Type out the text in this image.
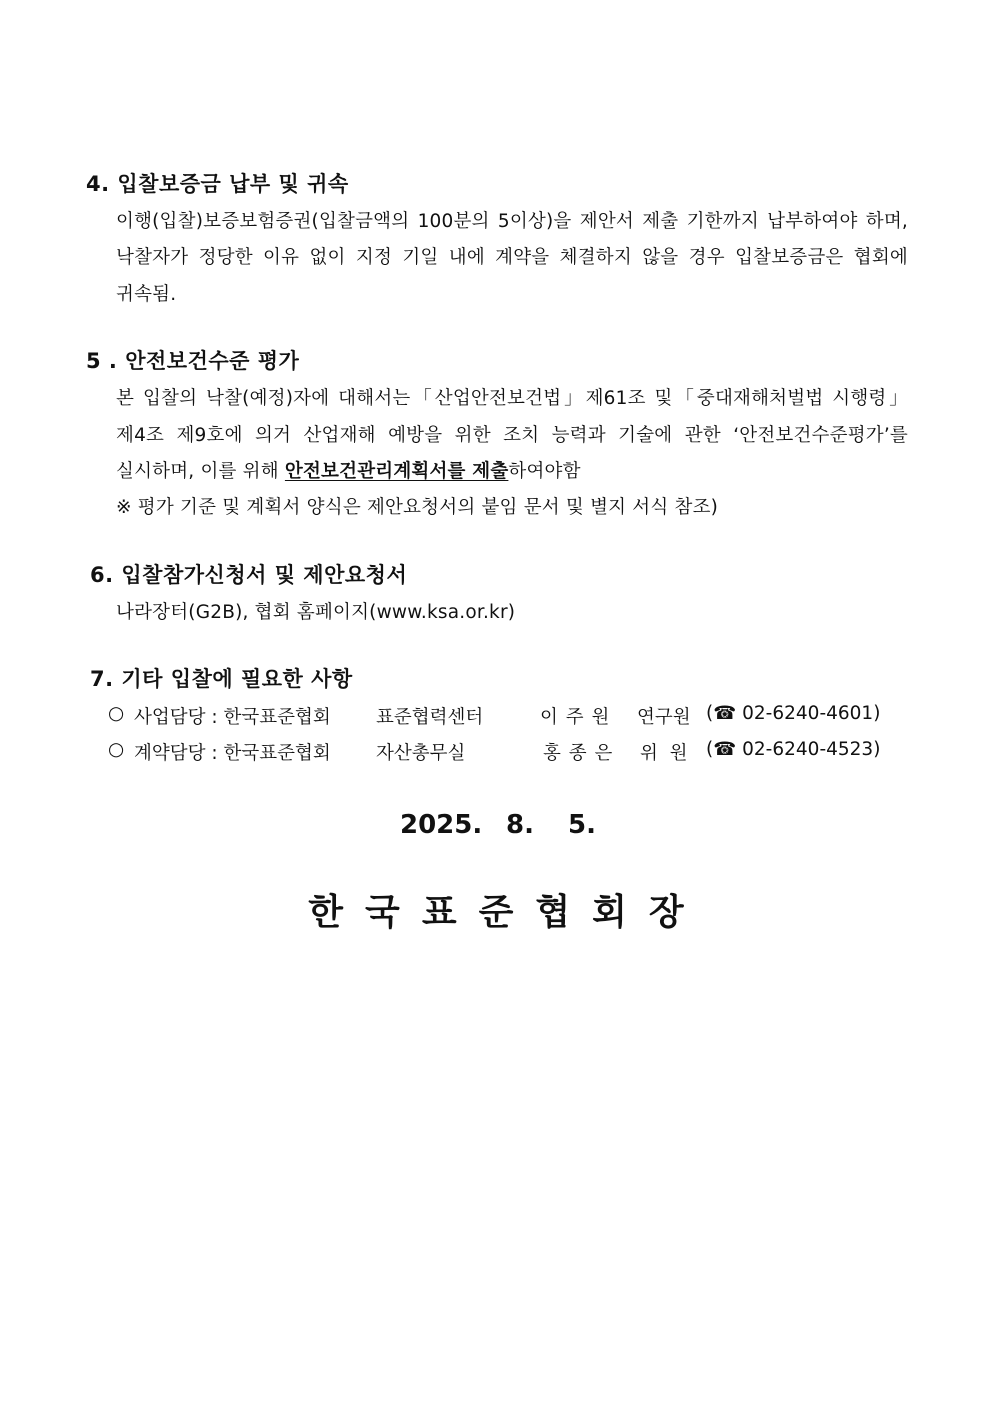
4. 입찰보증금 납부 및 귀속
이행(입찰)보증보험증권(입찰금액의 100분의 5이상)을 제안서 제출 기한까지 납부하여야 하며,
낙찰자가 정당한 이유 없이 지정 기일 내에 계약을 체결하지 않을 경우 입찰보증금은 협회에
귀속됨.
5 . 안전보건수준 평가
본 입찰의 낙찰(예정)자에 대해서는「산업안전보건법」제61조 및「중대재해처벌법 시행령」
제4조 제9호에 의거 산업재해 예방을 위한 조치 능력과 기술에 관한 ‘안전보건수준평가’를
실시하며, 이를 위해 안전보건관리계획서를 제출하여야함
※ 평가 기준 및 계획서 양식은 제안요청서의 붙임 문서 및 별지 서식 참조)
6. 입찰참가신청서 및 제안요청서
나라장터(G2B), 협회 홈페이지(www.ksa.or.kr)
7. 기타 입찰에 필요한 사항
○ 사업담당 : 한국표준협회 표준협력센터	이 주 원 연구원 (☎ 02-6240-4601)
○ 계약담당 : 한국표준협회 자산총무실	홍 종 은 위  원 (☎ 02-6240-4523)
2025. 8. 5.
한국표준협회장
